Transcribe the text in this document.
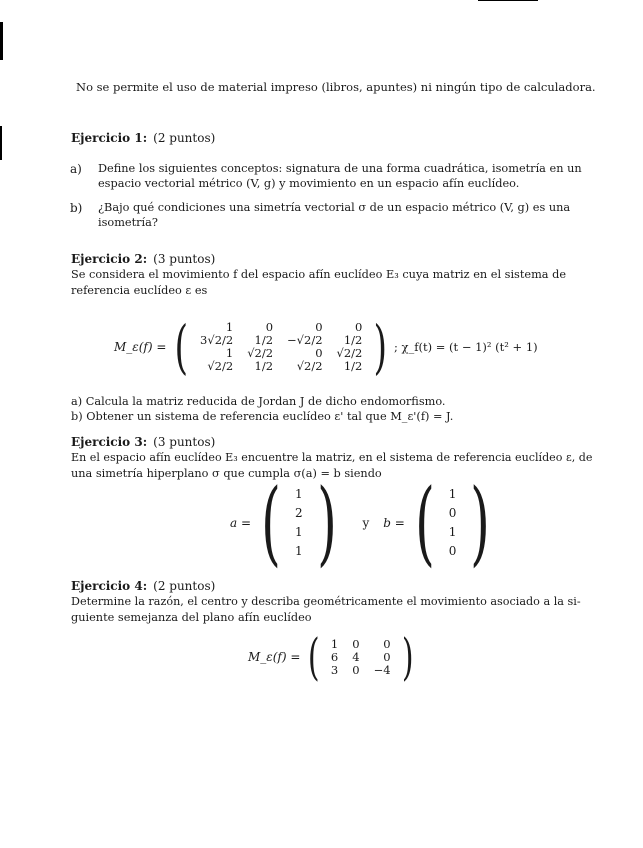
No se permite el uso de material impreso (libros, apuntes) ni ningún tipo de calculadora.
Ejercicio 1: (2 puntos)
a) Define los siguientes conceptos: signatura de una forma cuadrática, isometría en un
espacio vectorial métrico (V, g) y movimiento en un espacio afín euclídeo.
b) ¿Bajo qué condiciones una simetría vectorial σ de un espacio métrico (V, g) es una
isometría?
Ejercicio 2: (3 puntos)
Se considera el movimiento f del espacio afín euclídeo E₃ cuya matriz en el sistema de
referencia euclídeo ε es
M_ε(f) = (	1	0	0	0
3√2/2	1/2	−√2/2	1/2
1	√2/2	0	√2/2
√2/2	1/2	√2/2	1/2 ) ; χ_f(t) = (t − 1)² (t² + 1)
a) Calcula la matriz reducida de Jordan J de dicho endomorfismo.
b) Obtener un sistema de referencia euclídeo ε' tal que M_ε'(f) = J.
Ejercicio 3: (3 puntos)
En el espacio afín euclídeo E₃ encuentre la matriz, en el sistema de referencia euclídeo ε, de
una simetría hiperplano σ que cumpla σ(a) = b siendo
a = ( 1
2
1
1 ) y b = ( 1
0
1
0 )
Ejercicio 4: (2 puntos)
Determine la razón, el centro y describa geométricamente el movimiento asociado a la si-
guiente semejanza del plano afín euclídeo
M_ε(f) = ( 1	0	0
6	4	0
3	0	−4 )
